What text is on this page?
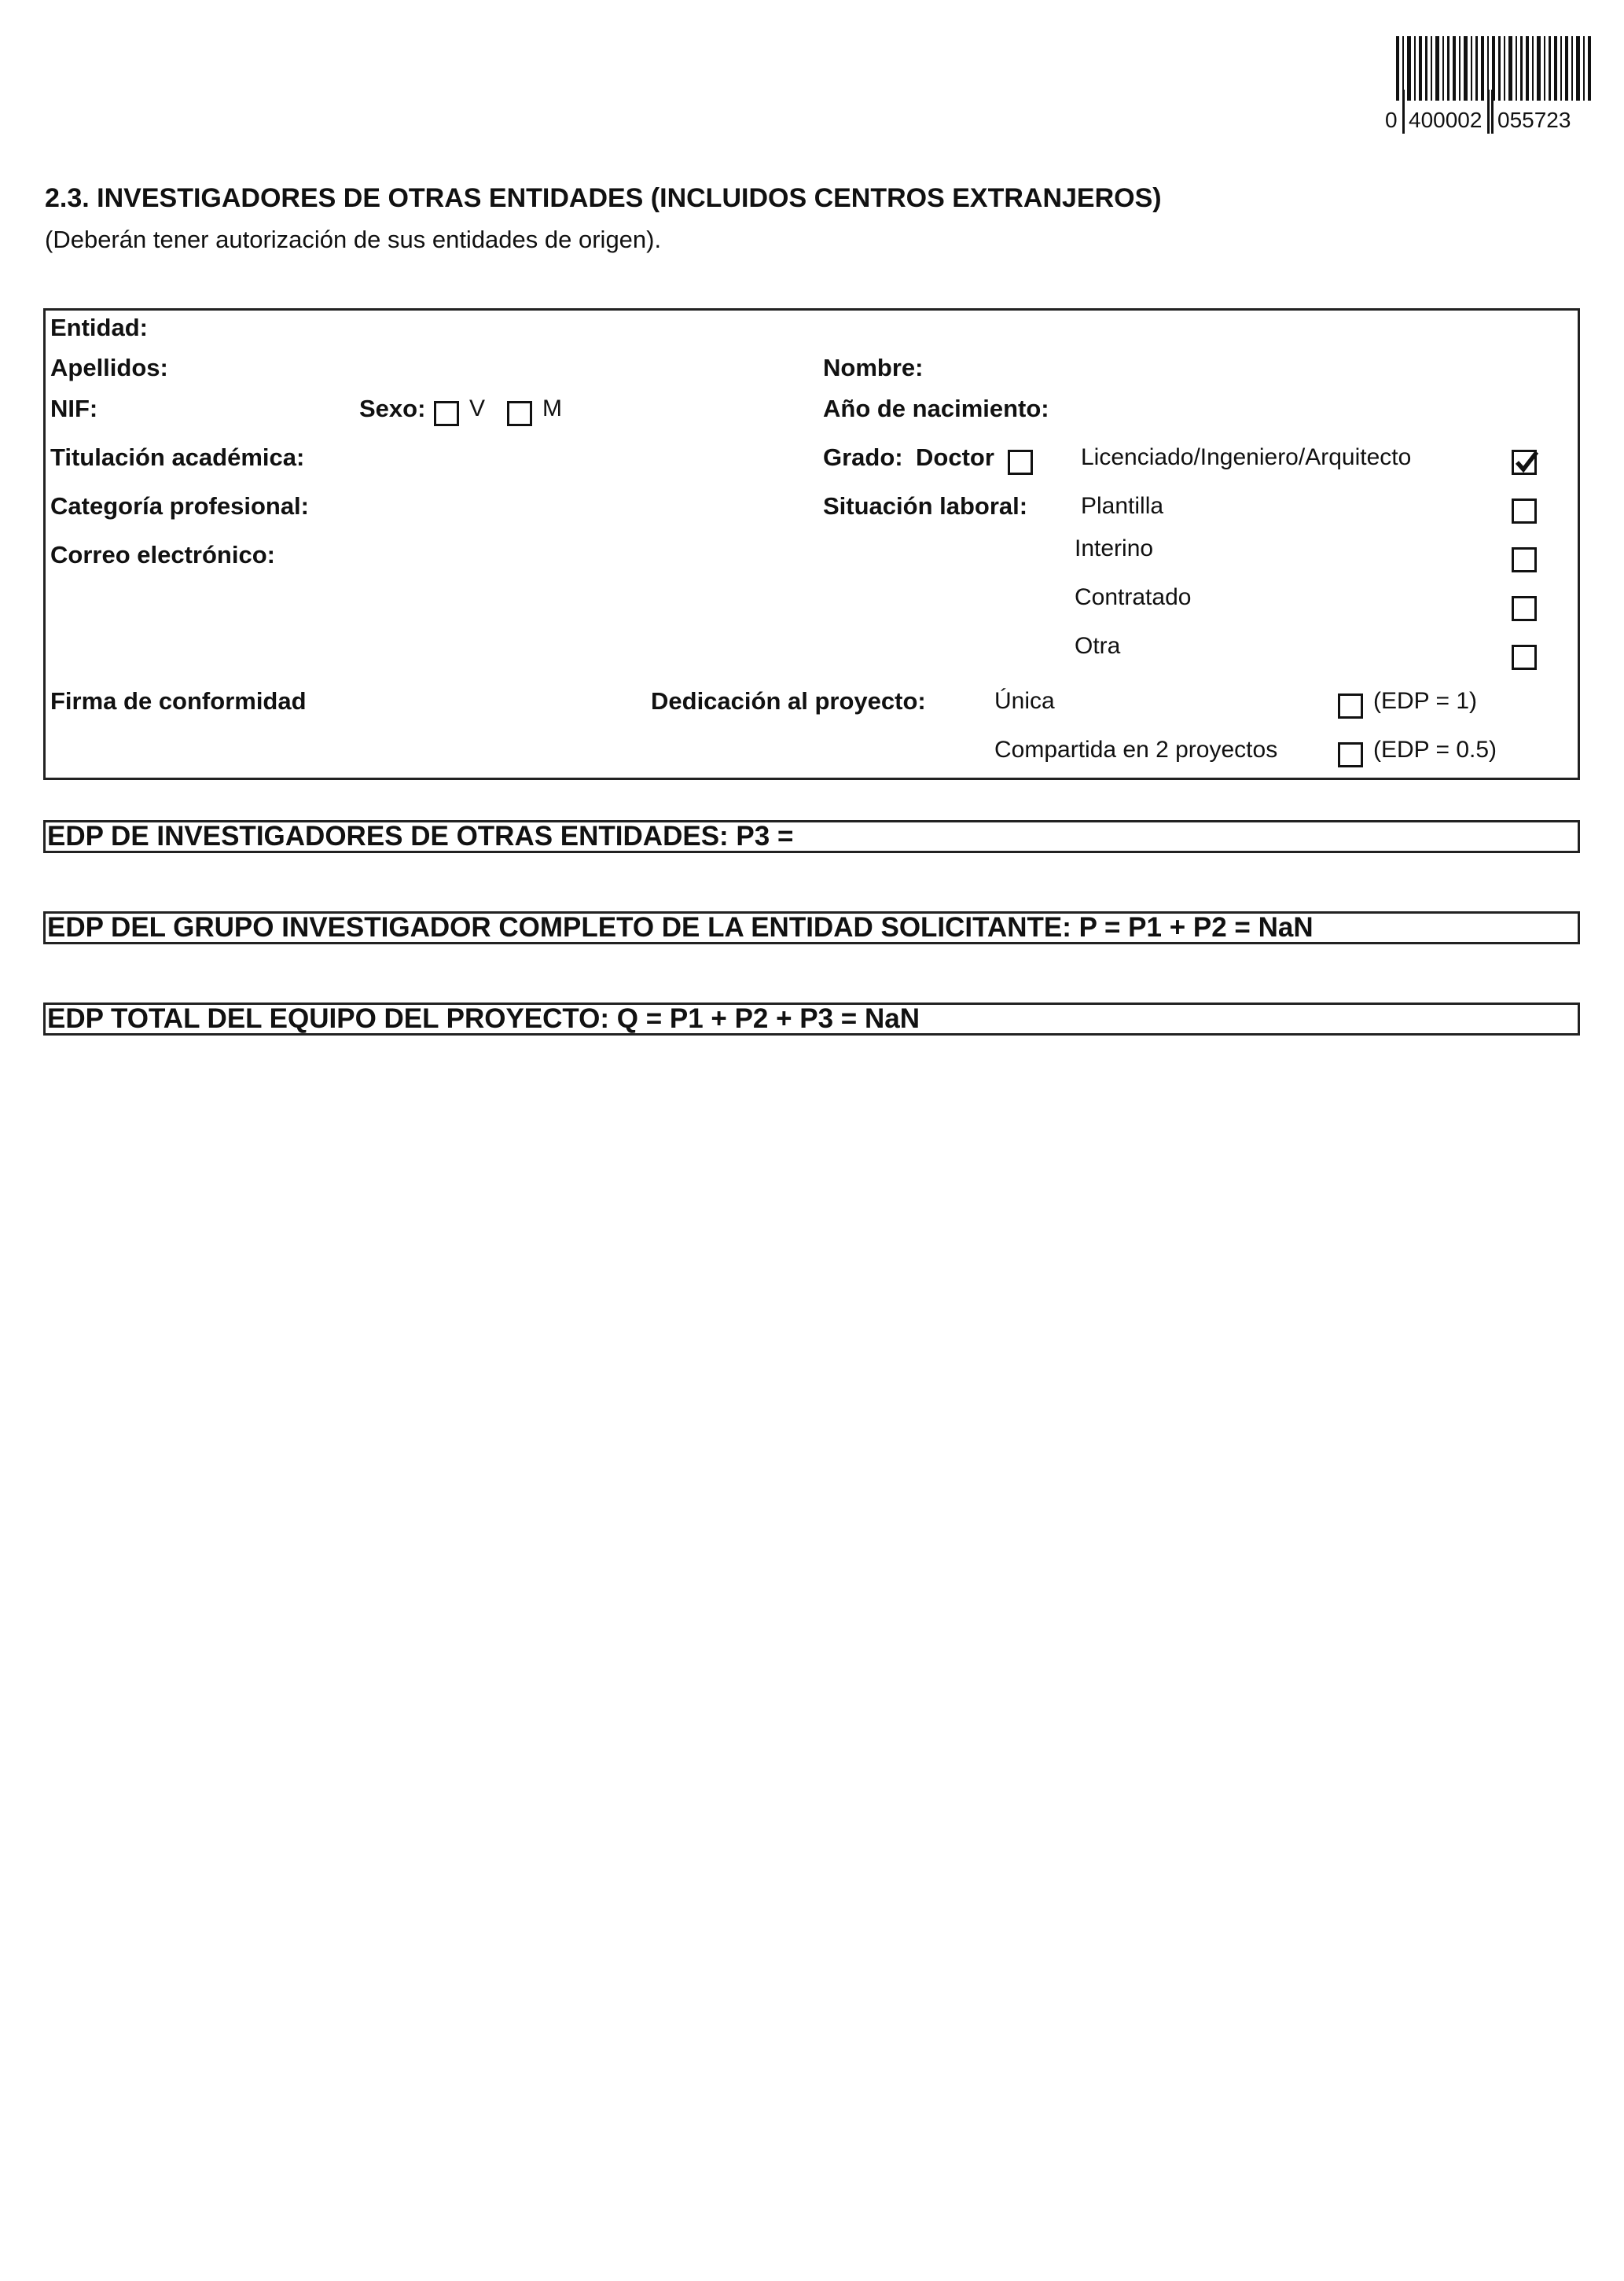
0 400002 055723
2.3. INVESTIGADORES DE OTRAS ENTIDADES (INCLUIDOS CENTROS EXTRANJEROS)
(Deberán tener autorización de sus entidades de origen).
Entidad:
Apellidos:	Nombre:
NIF:	Sexo: V M	Año de nacimiento:
Titulación académica:	Grado: Doctor	Licenciado/Ingeniero/Arquitecto
Categoría profesional:	Situación laboral: Plantilla
Correo electrónico:	Interino
Contratado
Otra
Firma de conformidad	Dedicación al proyecto:	Única	(EDP = 1)
Compartida en 2 proyectos	(EDP = 0.5)
EDP DE INVESTIGADORES DE OTRAS ENTIDADES: P3 =
EDP DEL GRUPO INVESTIGADOR COMPLETO DE LA ENTIDAD SOLICITANTE: P = P1 + P2 = NaN
EDP TOTAL DEL EQUIPO DEL PROYECTO: Q = P1 + P2 + P3 = NaN
